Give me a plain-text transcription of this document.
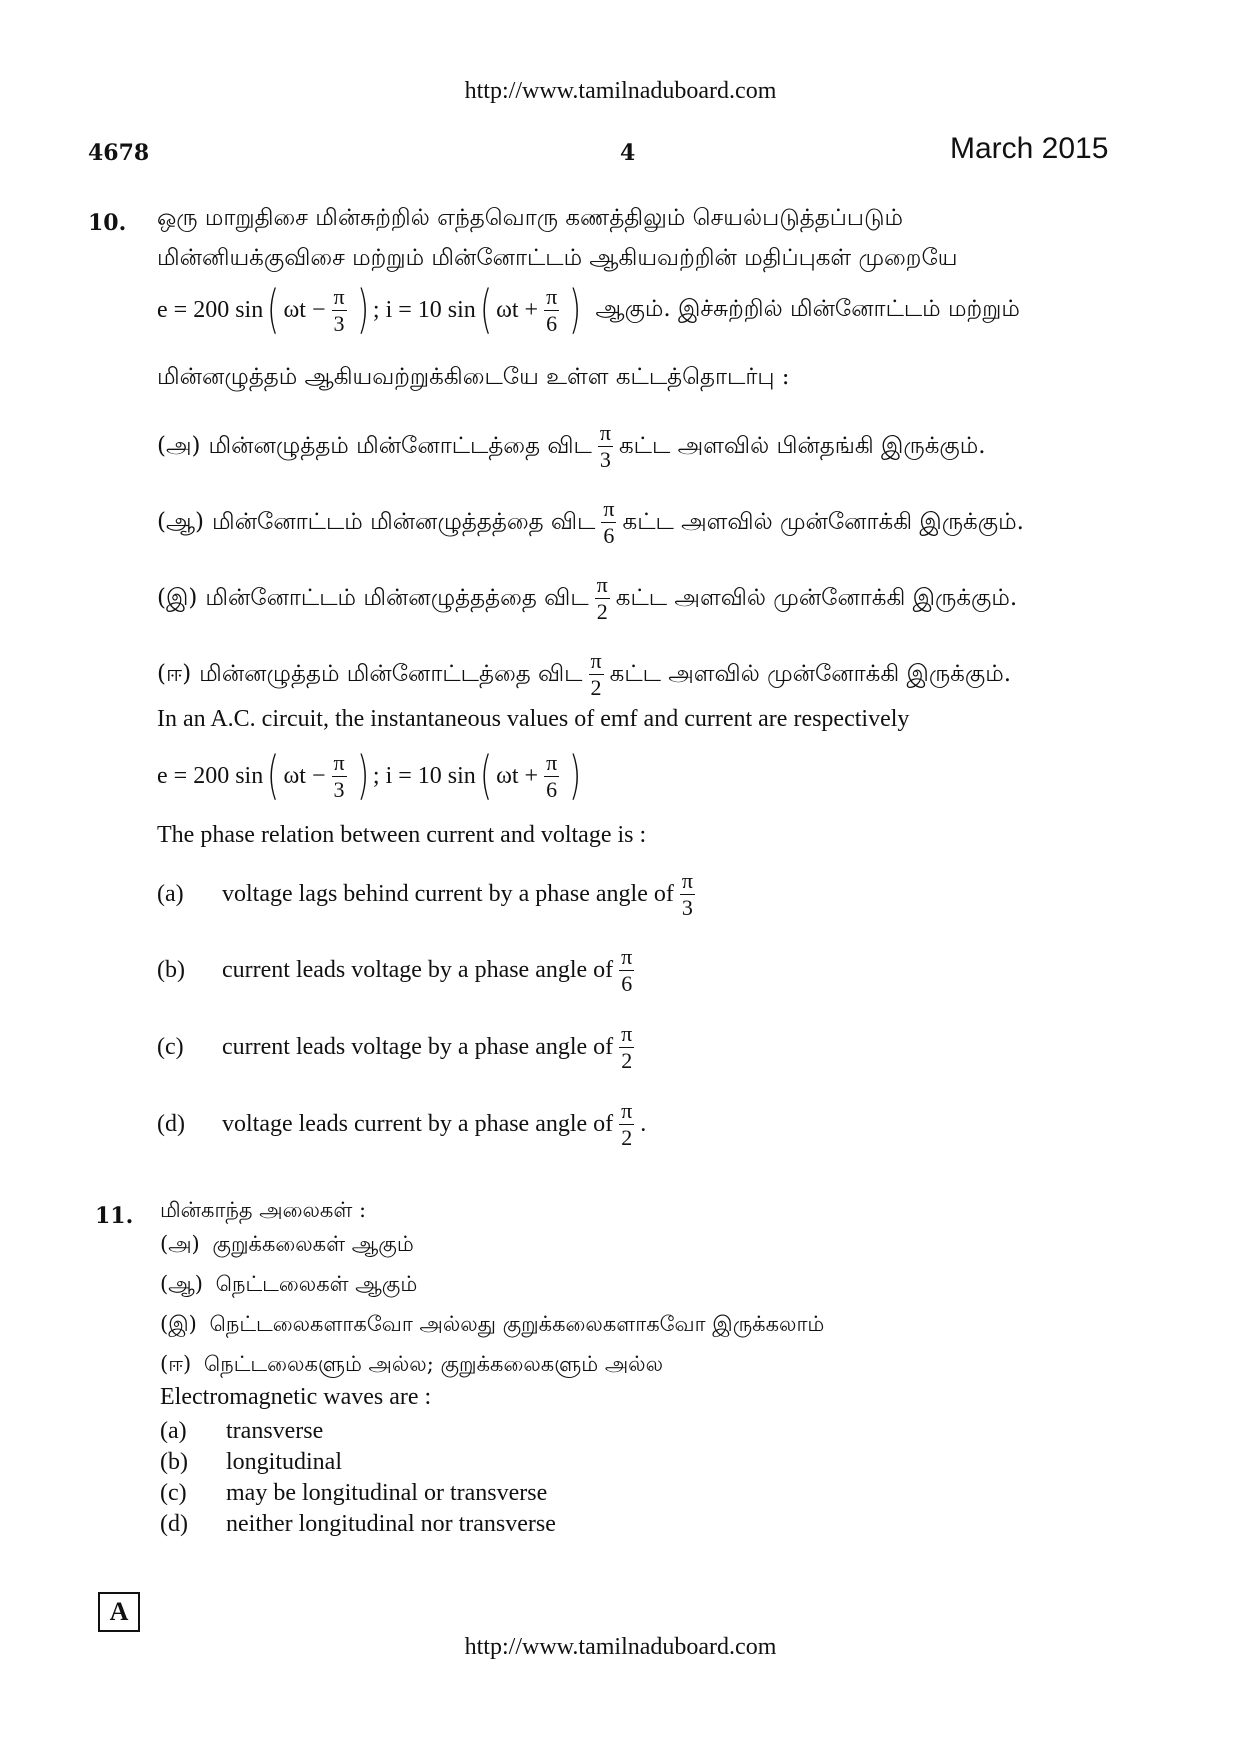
http://www.tamilnaduboard.com
4678	4	March 2015
10. ஒரு மாறுதிசை மின்சுற்றில் எந்தவொரு கணத்திலும் செயல்படுத்தப்படும்
மின்னியக்குவிசை மற்றும் மின்னோட்டம் ஆகியவற்றின் மதிப்புகள் முறையே
e = 200 sin ( $\omega t - \frac{\pi}{3}$ ) ; i = 10 sin ( $\omega t + \frac{\pi}{6}$ ) ஆகும். இச்சுற்றில் மின்னோட்டம் மற்றும்
மின்னழுத்தம் ஆகியவற்றுக்கிடையே உள்ள கட்டத்தொடர்பு :
(அ) மின்னழுத்தம் மின்னோட்டத்தை விட $\frac{\pi}{3}$ கட்ட அளவில் பின்தங்கி இருக்கும்.
(ஆ) மின்னோட்டம் மின்னழுத்தத்தை விட $\frac{\pi}{6}$ கட்ட அளவில் முன்னோக்கி இருக்கும்.
(இ) மின்னோட்டம் மின்னழுத்தத்தை விட $\frac{\pi}{2}$ கட்ட அளவில் முன்னோக்கி இருக்கும்.
(ஈ) மின்னழுத்தம் மின்னோட்டத்தை விட $\frac{\pi}{2}$ கட்ட அளவில் முன்னோக்கி இருக்கும்.
In an A.C. circuit, the instantaneous values of emf and current are respectively
e = 200 sin ( $\omega t - \frac{\pi}{3}$ ) ; i = 10 sin ( $\omega t + \frac{\pi}{6}$ )
The phase relation between current and voltage is :
(a)	voltage lags behind current by a phase angle of $\frac{\pi}{3}$
(b)	current leads voltage by a phase angle of $\frac{\pi}{6}$
(c)	current leads voltage by a phase angle of $\frac{\pi}{2}$
(d)	voltage leads current by a phase angle of $\frac{\pi}{2}$ .
11. மின்காந்த அலைகள் :
(அ) குறுக்கலைகள் ஆகும்
(ஆ) நெட்டலைகள் ஆகும்
(இ) நெட்டலைகளாகவோ அல்லது குறுக்கலைகளாகவோ இருக்கலாம்
(ஈ) நெட்டலைகளும் அல்ல; குறுக்கலைகளும் அல்ல
Electromagnetic waves are :
(a)	transverse
(b)	longitudinal
(c)	may be longitudinal or transverse
(d)	neither longitudinal nor transverse
A
http://www.tamilnaduboard.com
